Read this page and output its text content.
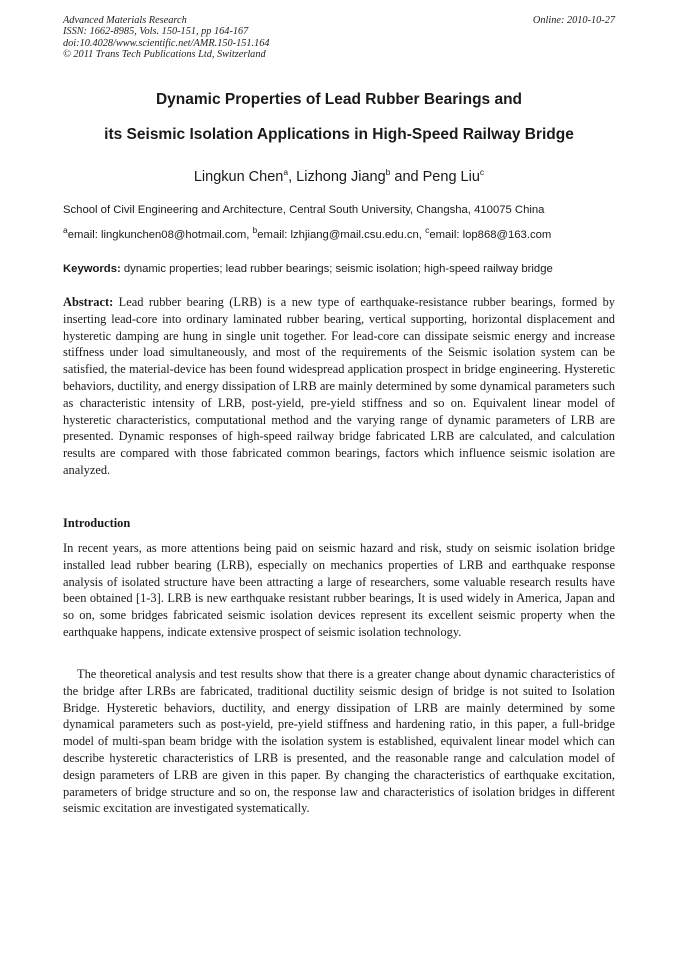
Advanced Materials Research
ISSN: 1662-8985, Vols. 150-151, pp 164-167
doi:10.4028/www.scientific.net/AMR.150-151.164
© 2011 Trans Tech Publications Ltd, Switzerland
Online: 2010-10-27
Dynamic Properties of Lead Rubber Bearings and
its Seismic Isolation Applications in High-Speed Railway Bridge
Lingkun Chen$^a$, Lizhong Jiang$^b$ and Peng Liu$^c$
School of Civil Engineering and Architecture, Central South University, Changsha, 410075 China
$^a$email: lingkunchen08@hotmail.com, $^b$email: lzhjiang@mail.csu.edu.cn, $^c$email: lop868@163.com
Keywords: dynamic properties; lead rubber bearings; seismic isolation; high-speed railway bridge

Abstract: Lead rubber bearing (LRB) is a new type of earthquake-resistance rubber bearings, formed by inserting lead-core into ordinary laminated rubber bearing, vertical supporting, horizontal displacement and hysteretic damping are hung in single unit together. For lead-core can dissipate seismic energy and increase stiffness under load simultaneously, and most of the requirements of the Seismic isolation system can be satisfied, the material-device has been found widespread application prospect in bridge engineering. Hysteretic behaviors, ductility, and energy dissipation of LRB are mainly determined by some dynamical parameters such as characteristic intensity of LRB, post-yield, pre-yield stiffness and so on. Equivalent linear model of hysteretic characteristics, computational method and the varying range of dynamic parameters of LRB are presented. Dynamic responses of high-speed railway bridge fabricated LRB are calculated, and calculation results are compared with those fabricated common bearings, factors which influence seismic isolation are analyzed.

Introduction

In recent years, as more attentions being paid on seismic hazard and risk, study on seismic isolation bridge installed lead rubber bearing (LRB), especially on mechanics properties of LRB and earthquake response analysis of isolated structure have been attracting a large of researchers, some valuable research results have been obtained [1-3]. LRB is new earthquake resistant rubber bearings, It is used widely in America, Japan and so on, some bridges fabricated seismic isolation devices represent its excellent seismic property when the earthquake happens, indicate extensive prospect of seismic isolation technology.

The theoretical analysis and test results show that there is a greater change about dynamic characteristics of the bridge after LRBs are fabricated, traditional ductility seismic design of bridge is not suited to Isolation Bridge. Hysteretic behaviors, ductility, and energy dissipation of LRB are mainly determined by some dynamical parameters such as post-yield, pre-yield stiffness and hardening ratio, in this paper, a full-bridge model of multi-span beam bridge with the isolation system is established, equivalent linear model which can describe hysteretic characteristics of LRB is presented, and the reasonable range and calculation model of design parameters of LRB are given in this paper. By changing the characteristics of earthquake excitation, parameters of bridge structure and so on, the response law and characteristics of isolation bridges in different seismic excitation are investigated systematically.
